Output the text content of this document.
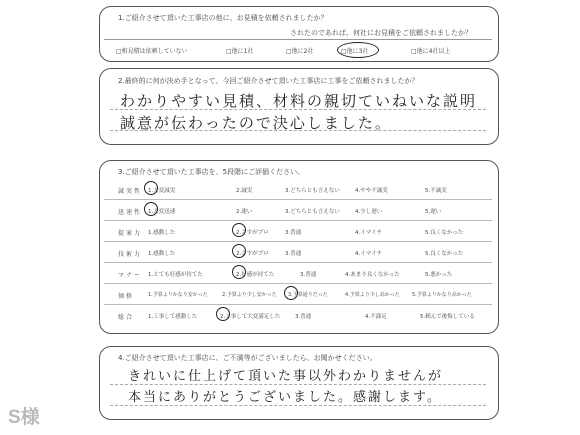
1.ご紹介させて頂いた工事店の他に、お見積を依頼されましたか？
されたのであれば、何社にお見積をご依頼されましたか？
□相見積は依頼していない	□他に1社	□他に2社	□他に3社	□他に4社以上
2.最終的に何が決め手となって、今回ご紹介させて頂いた工事店に工事をご依頼されましたか？
わかりやすい見積、材料の親切ていねいな説明
誠意が伝わったので決心しました。
3.ご紹介させて頂いた工事店を、5段階にご評価ください。
誠実性 1.大変誠実	2.誠実	3.どちらとも言えない	4.やや不誠実	5.不誠実
迅速性 1.大変迅速	2.速い	3.どちらとも言えない	4.少し遅い	5.遅い
提案力 1.感動した	2.さすがプロ	3.普通	4.イマイチ	5.良くなかった
技術力 1.感動した	2.さすがプロ	3.普通	4.イマイチ	5.良くなかった
マナー 1.とても好感が持てた	2.好感が持てた	3.普通	4.あまり良くなかった	5.悪かった
価格	1.予算よりかなり安かった	2.予算より少し安かった 3.予算通りだった	4.予算より少し高かった 5.予算よりかなり高かった
総合	1.工事して感動した	2.工事して大変満足した	3.普通	4.不満足	5.頼んで後悔している
4.ご紹介させて頂いた工事店に、ご不満等がございましたら、お聞かせください。
きれいに仕上げて頂いた事以外わかりませんが
本当にありがとうございました。感謝します。
S様
